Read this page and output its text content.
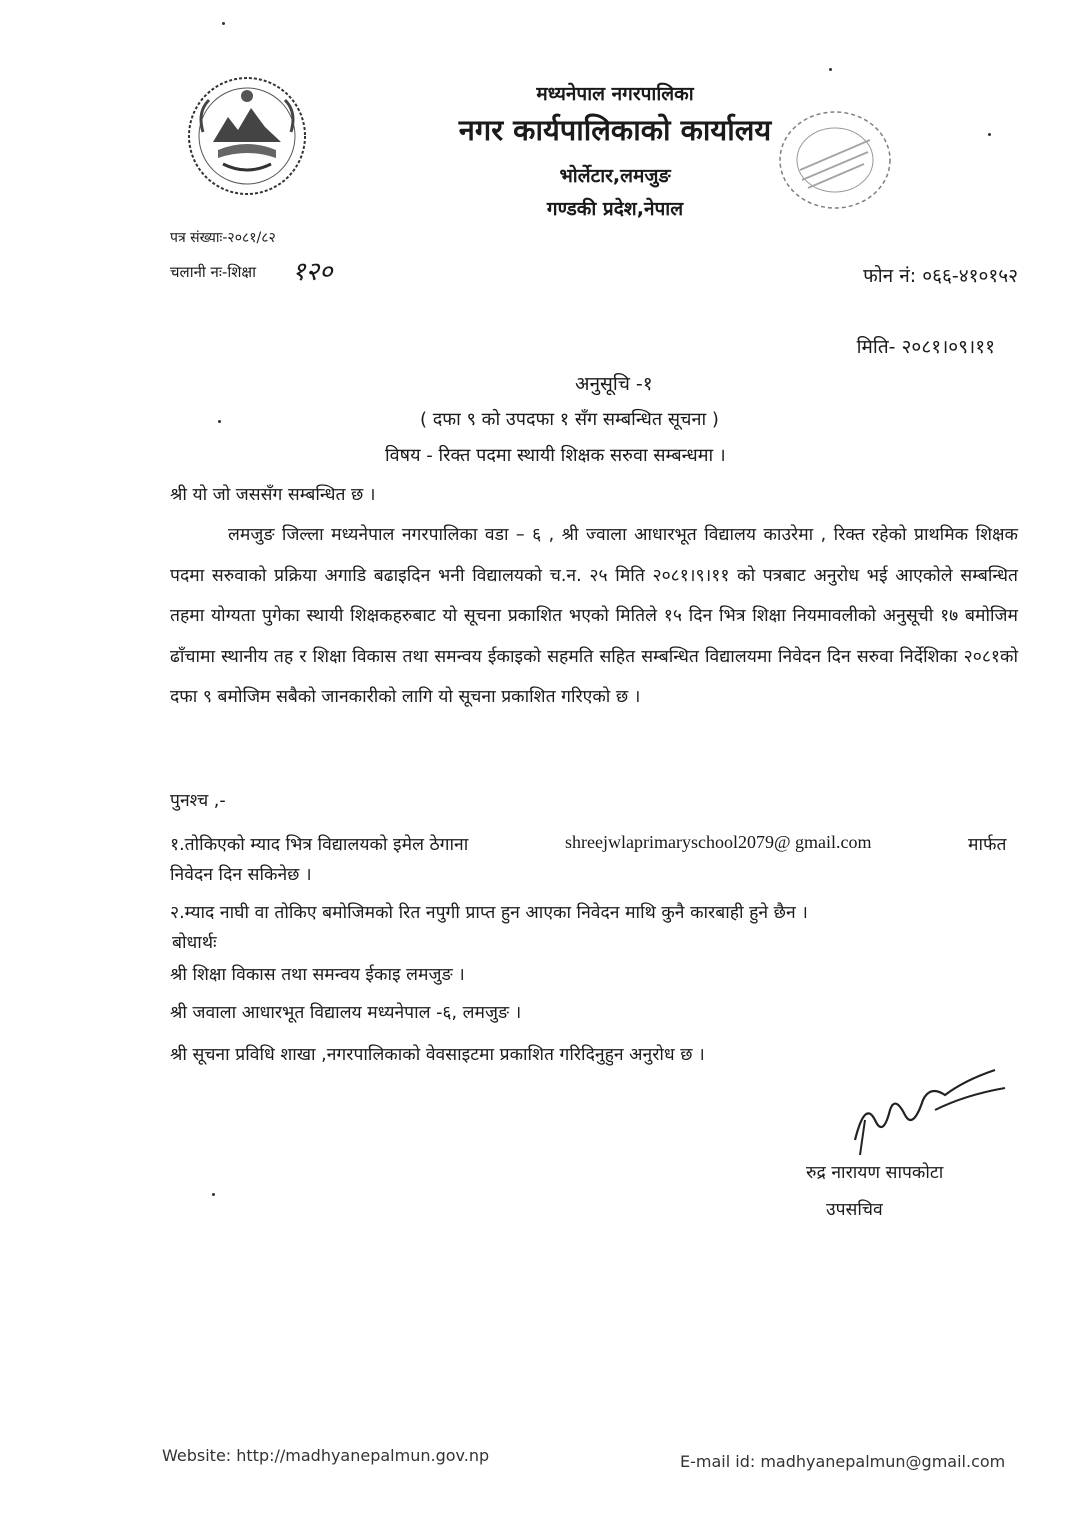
मध्यनेपाल नगरपालिका
नगर कार्यपालिकाको कार्यालय
भोर्लेटार,लमजुङ
गण्डकी प्रदेश,नेपाल
पत्र संख्याः-२०८१/८२
चलानी नः-शिक्षा १२०	फोन नं: ०६६-४१०१५२
मिति- २०८१।०९।११
अनुसूचि -१
( दफा ९ को उपदफा १ सँग सम्बन्धित सूचना )
विषय - रिक्त पदमा स्थायी शिक्षक सरुवा सम्बन्धमा ।
श्री यो जो जससँग सम्बन्धित छ ।
लमजुङ जिल्ला मध्यनेपाल नगरपालिका वडा – ६ , श्री ज्वाला आधारभूत विद्यालय काउरेमा , रिक्त रहेको प्राथमिक शिक्षक पदमा सरुवाको प्रक्रिया अगाडि बढाइदिन भनी विद्यालयको च.न. २५ मिति २०८१।९।११ को पत्रबाट अनुरोध भई आएकोले सम्बन्धित तहमा योग्यता पुगेका स्थायी शिक्षकहरुबाट यो सूचना प्रकाशित भएको मितिले १५ दिन भित्र शिक्षा नियमावलीको अनुसूची १७ बमोजिम ढाँचामा स्थानीय तह र शिक्षा विकास तथा समन्वय ईकाइको सहमति सहित सम्बन्धित विद्यालयमा निवेदन दिन सरुवा निर्देशिका २०८१को दफा ९ बमोजिम सबैको जानकारीको लागि यो सूचना प्रकाशित गरिएको छ ।
पुनश्च ,-
१.तोकिएको म्याद भित्र विद्यालयको इमेल ठेगाना	shreejwlaprimaryschool2079@ gmail.com	मार्फत
निवेदन दिन सकिनेछ ।
२.म्याद नाघी वा तोकिए बमोजिमको रित नपुगी प्राप्त हुन आएका निवेदन माथि कुनै कारबाही हुने छैन ।
बोधार्थः
श्री शिक्षा विकास तथा समन्वय ईकाइ लमजुङ ।
श्री जवाला आधारभूत विद्यालय मध्यनेपाल -६, लमजुङ ।
श्री सूचना प्रविधि शाखा ,नगरपालिकाको वेवसाइटमा प्रकाशित गरिदिनुहुन अनुरोध छ ।
रुद्र नारायण सापकोटा
उपसचिव
Website: http://madhyanepalmun.gov.np	E-mail id: madhyanepalmun@gmail.com
